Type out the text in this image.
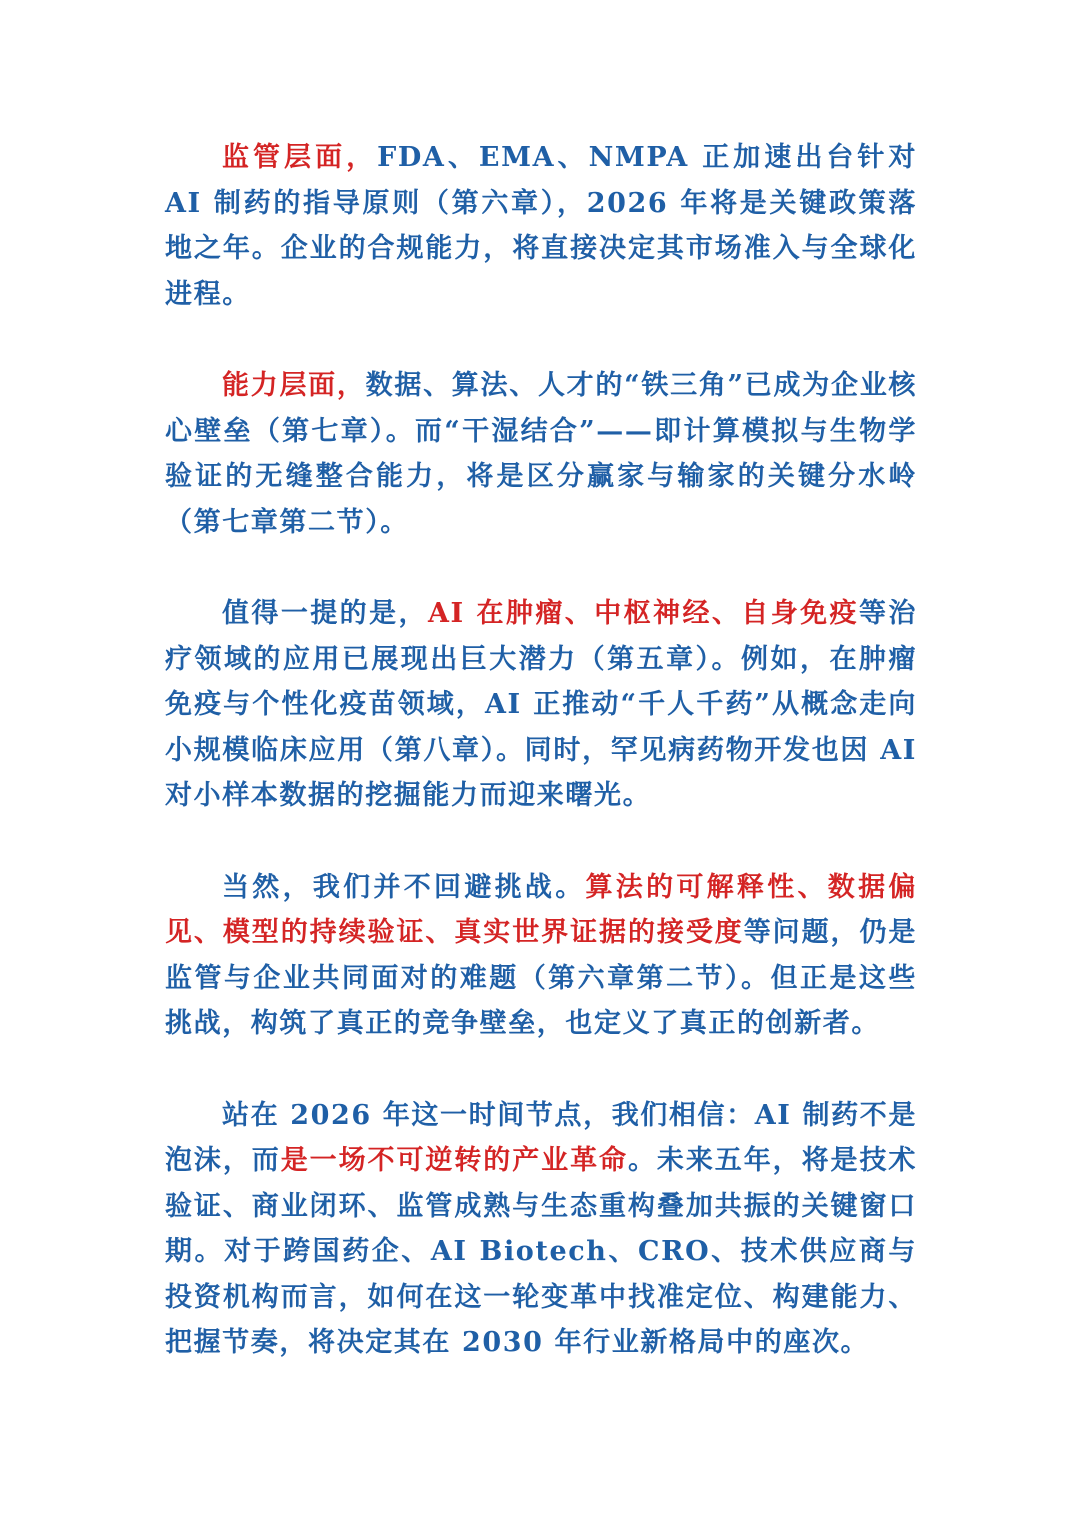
监管层面，FDA、EMA、NMPA 正加速出台针对 AI 制药的指导原则（第六章），2026 年将是关键政策落地之年。企业的合规能力，将直接决定其市场准入与全球化进程。

能力层面，数据、算法、人才的“铁三角”已成为企业核心壁垒（第七章）。而“干湿结合”——即计算模拟与生物学验证的无缝整合能力，将是区分赢家与输家的关键分水岭（第七章第二节）。

值得一提的是，AI 在肿瘤、中枢神经、自身免疫等治疗领域的应用已展现出巨大潜力（第五章）。例如，在肿瘤免疫与个性化疫苗领域，AI 正推动“千人千药”从概念走向小规模临床应用（第八章）。同时，罕见病药物开发也因 AI 对小样本数据的挖掘能力而迎来曙光。

当然，我们并不回避挑战。算法的可解释性、数据偏见、模型的持续验证、真实世界证据的接受度等问题，仍是监管与企业共同面对的难题（第六章第二节）。但正是这些挑战，构筑了真正的竞争壁垒，也定义了真正的创新者。

站在 2026 年这一时间节点，我们相信：AI 制药不是泡沫，而是一场不可逆转的产业革命。未来五年，将是技术验证、商业闭环、监管成熟与生态重构叠加共振的关键窗口期。对于跨国药企、AI Biotech、CRO、技术供应商与投资机构而言，如何在这一轮变革中找准定位、构建能力、把握节奏，将决定其在 2030 年行业新格局中的座次。
